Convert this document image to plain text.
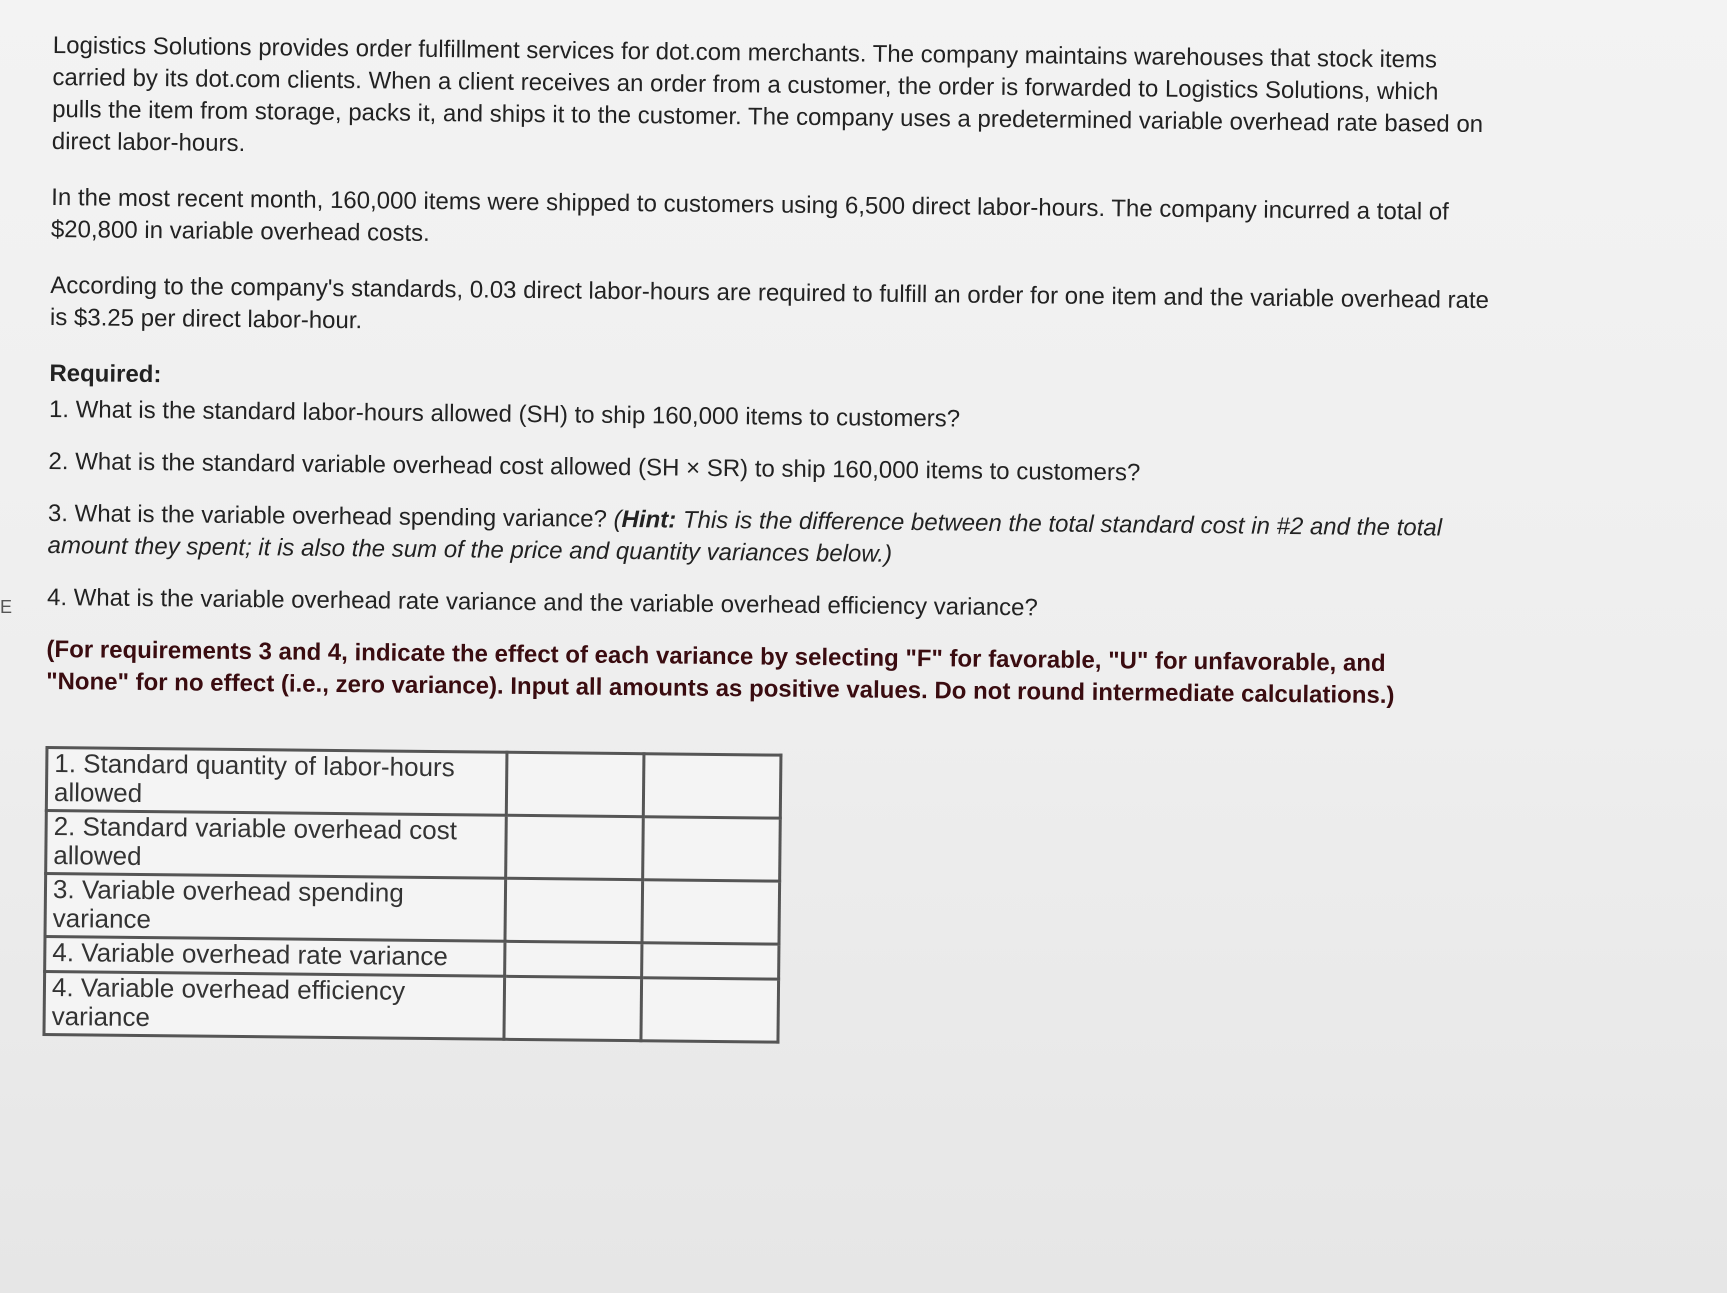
E

Logistics Solutions provides order fulfillment services for dot.com merchants. The company maintains warehouses that stock items carried by its dot.com clients. When a client receives an order from a customer, the order is forwarded to Logistics Solutions, which pulls the item from storage, packs it, and ships it to the customer. The company uses a predetermined variable overhead rate based on direct labor-hours.

In the most recent month, 160,000 items were shipped to customers using 6,500 direct labor-hours. The company incurred a total of $20,800 in variable overhead costs.

According to the company's standards, 0.03 direct labor-hours are required to fulfill an order for one item and the variable overhead rate is $3.25 per direct labor-hour.

Required:

1. What is the standard labor-hours allowed (SH) to ship 160,000 items to customers?

2. What is the standard variable overhead cost allowed (SH × SR) to ship 160,000 items to customers?

3. What is the variable overhead spending variance? (Hint: This is the difference between the total standard cost in #2 and the total amount they spent; it is also the sum of the price and quantity variances below.)

4. What is the variable overhead rate variance and the variable overhead efficiency variance?

(For requirements 3 and 4, indicate the effect of each variance by selecting "F" for favorable, "U" for unfavorable, and "None" for no effect (i.e., zero variance). Input all amounts as positive values. Do not round intermediate calculations.)

1. Standard quantity of labor-hours allowed		
2. Standard variable overhead cost allowed		
3. Variable overhead spending variance		
4. Variable overhead rate variance		
4. Variable overhead efficiency variance		
